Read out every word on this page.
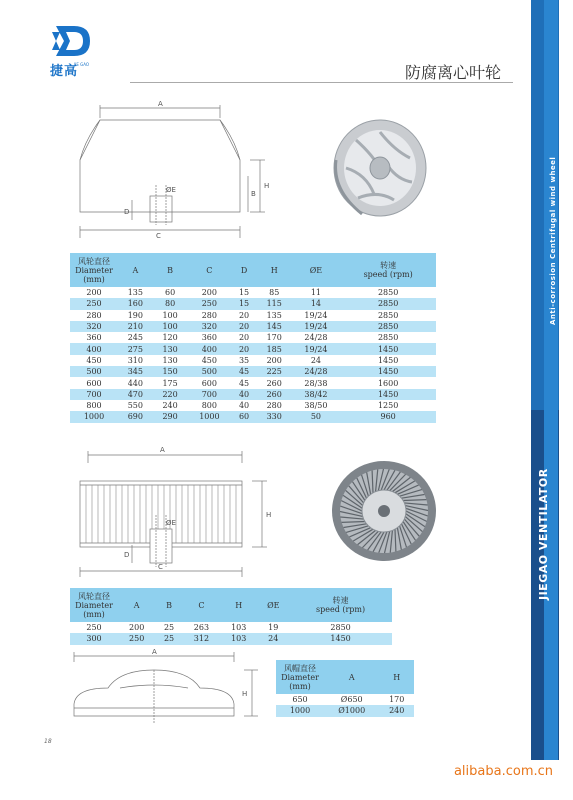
捷高
JIE GAO	防腐离心叶轮
Anti-corrosion Centrifugal wind wheel
JIEGAO VENTILATOR
A
H
B
ØE
D
C
风轮直径
Diameter (mm)	A	B	C	D	H	ØE	转速
speed (rpm)
200	135	60	200	15	85	11	2850
250	160	80	250	15	115	14	2850
280	190	100	280	20	135	19/24	2850
320	210	100	320	20	145	19/24	2850
360	245	120	360	20	170	24/28	2850
400	275	130	400	20	185	19/24	1450
450	310	130	450	35	200	24	1450
500	345	150	500	45	225	24/28	1450
600	440	175	600	45	260	28/38	1600
700	470	220	700	40	260	38/42	1450
800	550	240	800	40	280	38/50	1250
1000	690	290	1000	60	330	50	960
A
H
ØE
D
C
风轮直径
Diameter (mm)	A	B	C	H	ØE	转速
speed (rpm)
250	200	25	263	103	19	2850
300	250	25	312	103	24	1450
A
H
风帽直径
Diameter (mm)	A	H
650	Ø650	170
1000	Ø1000	240
18
alibaba.com.cn
